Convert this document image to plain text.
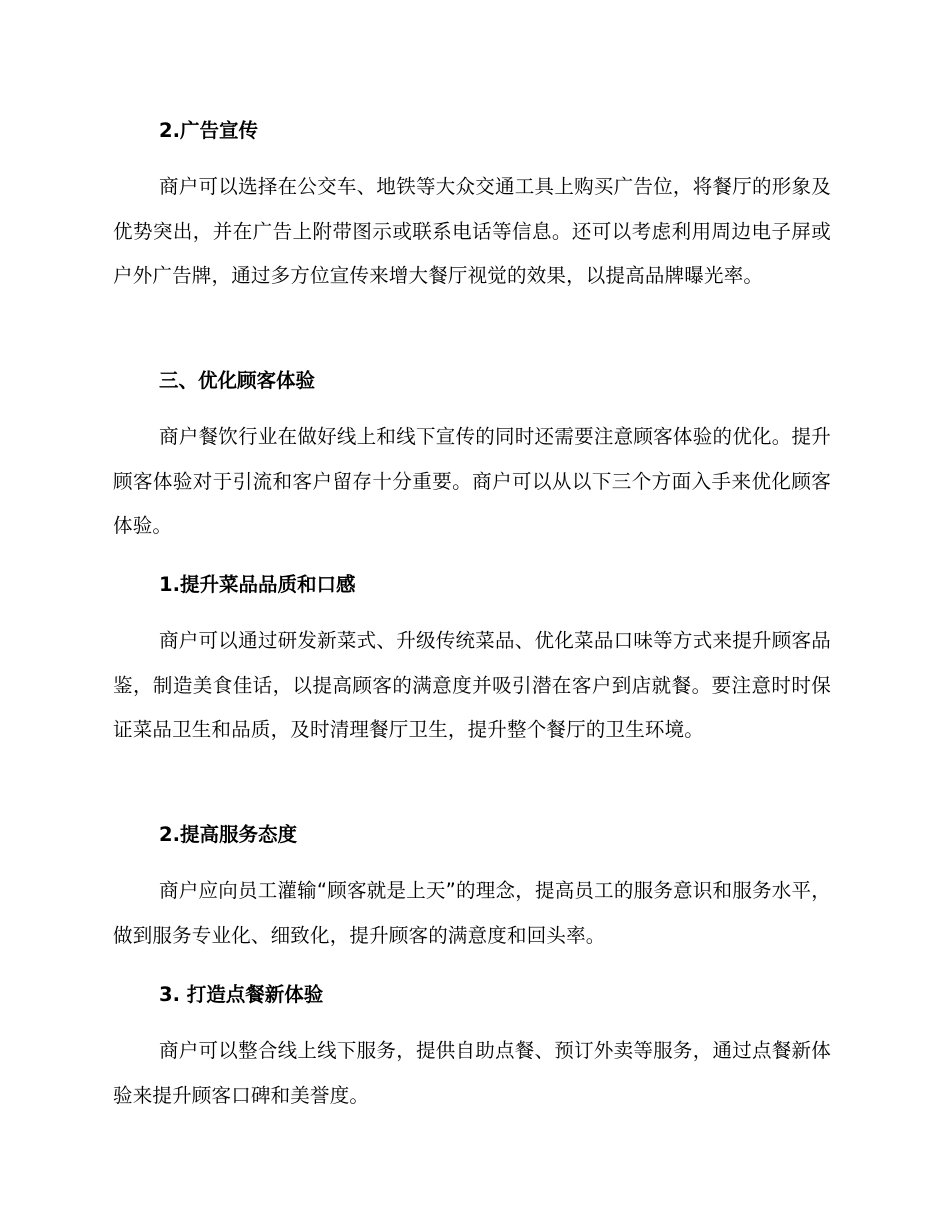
2.广告宣传
商户可以选择在公交车、地铁等大众交通工具上购买广告位，将餐厅的形象及优势突出，并在广告上附带图示或联系电话等信息。还可以考虑利用周边电子屏或户外广告牌，通过多方位宣传来增大餐厅视觉的效果，以提高品牌曝光率。
三、优化顾客体验
商户餐饮行业在做好线上和线下宣传的同时还需要注意顾客体验的优化。提升顾客体验对于引流和客户留存十分重要。商户可以从以下三个方面入手来优化顾客体验。
1.提升菜品品质和口感
商户可以通过研发新菜式、升级传统菜品、优化菜品口味等方式来提升顾客品鉴，制造美食佳话，以提高顾客的满意度并吸引潜在客户到店就餐。要注意时时保证菜品卫生和品质，及时清理餐厅卫生，提升整个餐厅的卫生环境。
2.提高服务态度
商户应向员工灌输“顾客就是上天”的理念，提高员工的服务意识和服务水平，做到服务专业化、细致化，提升顾客的满意度和回头率。
3. 打造点餐新体验
商户可以整合线上线下服务，提供自助点餐、预订外卖等服务，通过点餐新体验来提升顾客口碑和美誉度。
